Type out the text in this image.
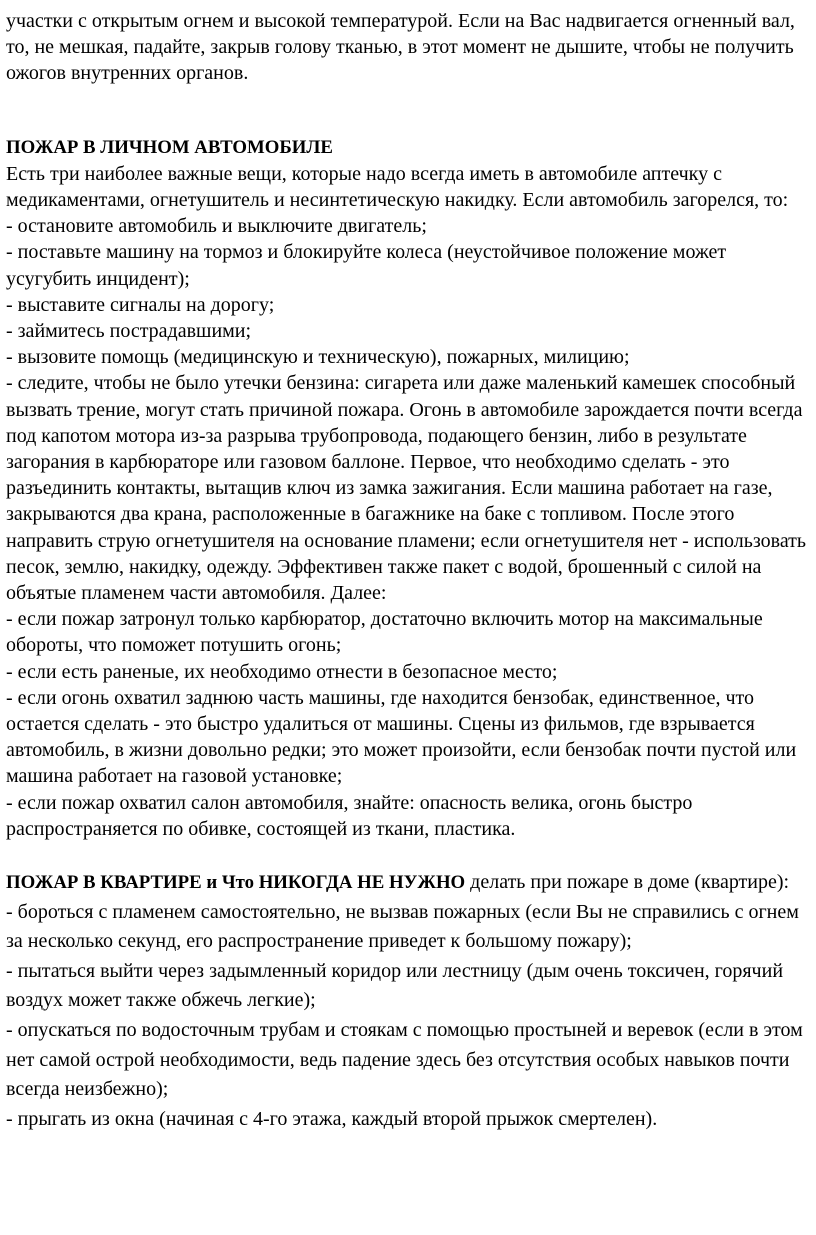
участки с открытым огнем и высокой температурой. Если на Вас надвигается огненный вал, то, не мешкая, падайте, закрыв голову тканью, в этот момент не дышите, чтобы не получить ожогов внутренних органов.

ПОЖАР В ЛИЧНОМ АВТОМОБИЛЕ

Есть три наиболее важные вещи, которые надо всегда иметь в автомобиле аптечку с медикаментами, огнетушитель и несинтетическую накидку. Если автомобиль загорелся, то:

- остановите автомобиль и выключите двигатель;

- поставьте машину на тормоз и блокируйте колеса (неустойчивое положение может усугубить инцидент);

- выставите сигналы на дорогу;

- займитесь пострадавшими;

- вызовите помощь (медицинскую и техническую), пожарных, милицию;

- следите, чтобы не было утечки бензина: сигарета или даже маленький камешек способный вызвать трение, могут стать причиной пожара. Огонь в автомобиле зарождается почти всегда под капотом мотора из-за разрыва трубопровода, подающего бензин, либо в результате загорания в карбюраторе или газовом баллоне. Первое, что необходимо сделать - это разъединить контакты, вытащив ключ из замка зажигания. Если машина работает на газе, закрываются два крана, расположенные в багажнике на баке с топливом. После этого направить струю огнетушителя на основание пламени; если огнетушителя нет - использовать песок, землю, накидку, одежду. Эффективен также пакет с водой, брошенный с силой на объятые пламенем части автомобиля. Далее:

- если пожар затронул только карбюратор, достаточно включить мотор на максимальные обороты, что поможет потушить огонь;

- если есть раненые, их необходимо отнести в безопасное место;

- если огонь охватил заднюю часть машины, где находится бензобак, единственное, что остается сделать - это быстро удалиться от машины. Сцены из фильмов, где взрывается автомобиль, в жизни довольно редки; это может произойти, если бензобак почти пустой или машина работает на газовой установке;

- если пожар охватил салон автомобиля, знайте: опасность велика, огонь быстро распространяется по обивке, состоящей из ткани, пластика.

ПОЖАР В КВАРТИРЕ и Что НИКОГДА НЕ НУЖНО делать при пожаре в доме (квартире):

- бороться с пламенем самостоятельно, не вызвав пожарных (если Вы не справились с огнем за несколько секунд, его распространение приведет к большому пожару);

- пытаться выйти через задымленный коридор или лестницу (дым очень токсичен, горячий воздух может также обжечь легкие);

- опускаться по водосточным трубам и стоякам с помощью простыней и веревок (если в этом нет самой острой необходимости, ведь падение здесь без отсутствия особых навыков почти всегда неизбежно);

- прыгать из окна (начиная с 4-го этажа, каждый второй прыжок смертелен).
